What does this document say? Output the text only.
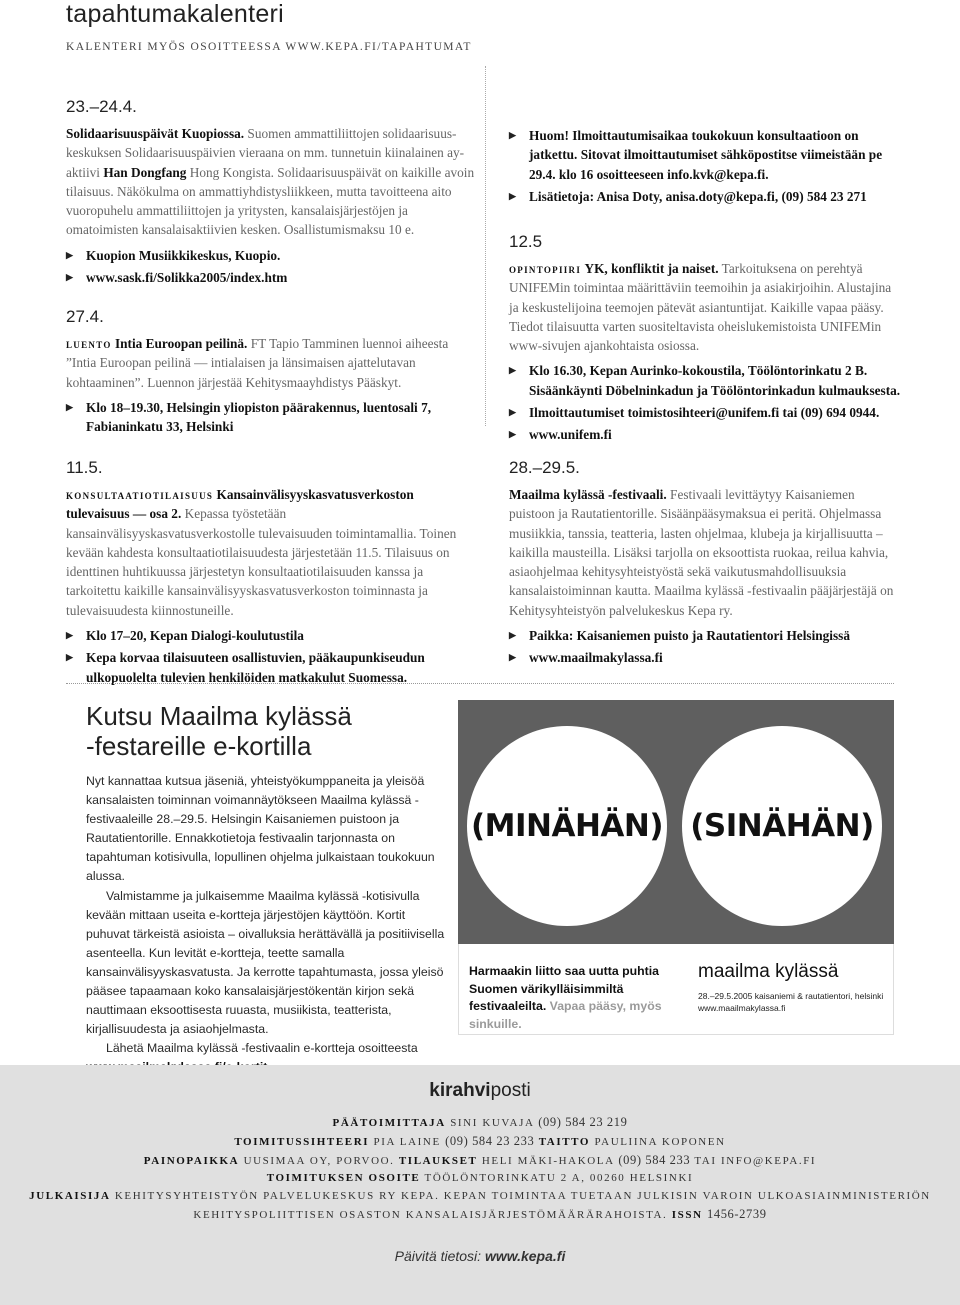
tapahtumakalenteri
KALENTERI MYÖS OSOITTEESSA WWW.KEPA.FI/TAPAHTUMAT
23.–24.4.
Solidaarisuuspäivät Kuopiossa. Suomen ammattiliittojen solidaarisuus-keskuksen Solidaarisuuspäivien vieraana on mm. tunnetuin kiinalainen ay-aktiivi Han Dongfang Hong Kongista. Solidaarisuuspäivät on kaikille avoin tilaisuus. Näkökulma on ammattiyhdistysliikkeen, mutta tavoitteena aito vuoropuhelu ammattiliittojen ja yritysten, kansalaisjärjestöjen ja omatoimisten kansalaisaktiivien kesken. Osallistumismaksu 10 e.
▶ Kuopion Musiikkikeskus, Kuopio.
▶ www.sask.fi/Solikka2005/index.htm
27.4.
luento Intia Euroopan peilinä. FT Tapio Tamminen luennoi aiheesta ”Intia Euroopan peilinä — intialaisen ja länsimaisen ajattelutavan kohtaaminen”. Luennon järjestää Kehitysmaayhdistys Pääskyt.
▶ Klo 18–19.30, Helsingin yliopiston päärakennus, luentosali 7, Fabianinkatu 33, Helsinki
11.5.
konsultaatiotilaisuus Kansainvälisyyskasvatusverkoston tulevaisuus — osa 2. Kepassa työstetään kansainvälisyyskasvatusverkostolle tulevaisuuden toimintamallia. Toinen kevään kahdesta konsultaatiotilaisuudesta järjestetään 11.5. Tilaisuus on identtinen huhtikuussa järjestetyn konsultaatiotilaisuuden kanssa ja tarkoitettu kaikille kansainvälisyyskasvatusverkoston toiminnasta ja tulevaisuudesta kiinnostuneille.
▶ Klo 17–20, Kepan Dialogi-koulutustila
▶ Kepa korvaa tilaisuuteen osallistuvien, pääkaupunkiseudun ulkopuolelta tulevien henkilöiden matkakulut Suomessa.
▶ Huom! Ilmoittautumisaikaa toukokuun konsultaatioon on jatkettu. Sitovat ilmoittautumiset sähköpostitse viimeistään pe 29.4. klo 16 osoitteeseen info.kvk@kepa.fi.
▶ Lisätietoja: Anisa Doty, anisa.doty@kepa.fi, (09) 584 23 271
12.5
opintopiiri YK, konfliktit ja naiset. Tarkoituksena on perehtyä UNIFEMin toimintaa määrittäviin teemoihin ja asiakirjoihin. Alustajina ja keskustelijoina teemojen pätevät asiantuntijat. Kaikille vapaa pääsy. Tiedot tilaisuutta varten suositeltavista oheislukemistoista UNIFEMin www-sivujen ajankohtaista osiossa.
▶ Klo 16.30, Kepan Aurinko-kokoustila, Töölöntorinkatu 2 B. Sisäänkäynti Döbelninkadun ja Töölöntorinkadun kulmauksesta.
▶ Ilmoittautumiset toimistosihteeri@unifem.fi tai (09) 694 0944.
▶ www.unifem.fi
28.–29.5.
Maailma kylässä -festivaali. Festivaali levittäytyy Kaisaniemen puistoon ja Rautatientorille. Sisäänpääsymaksua ei peritä. Ohjelmassa musiikkia, tanssia, teatteria, lasten ohjelmaa, klubeja ja kirjallisuutta – kaikilla mausteilla. Lisäksi tarjolla on eksoottista ruokaa, reilua kahvia, asiaohjelmaa kehitysyhteistyöstä sekä vaikutusmahdollisuuksia kansalaistoiminnan kautta. Maailma kylässä -festivaalin pääjärjestäjä on Kehitysyhteistyön palvelukeskus Kepa ry.
▶ Paikka: Kaisaniemen puisto ja Rautatientori Helsingissä
▶ www.maailmakylassa.fi
Kutsu Maailma kylässä
-festareille e-kortilla

Nyt kannattaa kutsua jäseniä, yhteistyökumppaneita ja yleisöä kansalaisten toiminnan voimannäytökseen Maailma kylässä -festivaaleille 28.–29.5. Helsingin Kaisaniemen puistoon ja Rautatientorille. Ennakkotietoja festivaalin tarjonnasta on tapahtuman kotisivulla, lopullinen ohjelma julkaistaan toukokuun alussa.

Valmistamme ja julkaisemme Maailma kylässä -kotisivulla kevään mittaan useita e-kortteja järjestöjen käyttöön. Kortit puhuvat tärkeistä asioista – oivalluksia herättävällä ja positiivisella asenteella. Kun levität e-kortteja, teette samalla kansainvälisyyskasvatusta. Ja kerrotte tapahtumasta, jossa yleisö pääsee tapaamaan koko kansalaisjärjestökentän kirjon sekä nauttimaan eksoottisesta ruuasta, musiikista, teatterista, kirjallisuudesta ja asiaohjelmasta.

Lähetä Maailma kylässä -festivaalin e-kortteja osoitteesta

(MINÄHÄN) (SINÄHÄN)
Harmaakin liitto saa uutta puhtia Suomen värikylläisimmiltä festivaaleilta. Vapaa pääsy, myös sinkuille.
maailma kylässä
28.–29.5.2005 kaisaniemi & rautatientori, helsinki
www.maailmakylassa.fi
kirahviposti
PÄÄTOIMITTAJA SINI KUVAJA (09) 584 23 219
TOIMITUSSIHTEERI PIA LAINE (09) 584 23 233 TAITTO PAULIINA KOPONEN
PAINOPAIKKA UUSIMAA OY, PORVOO. TILAUKSET HELI MÄKI-HAKOLA (09) 584 233 TAI INFO@KEPA.FI
TOIMITUKSEN OSOITE TÖÖLÖNTORINKATU 2 A, 00260 HELSINKI
JULKAISIJA KEHITYSYHTEISTYÖN PALVELUKESKUS RY KEPA. KEPAN TOIMINTAA TUETAAN JULKISIN VAROIN ULKOASIAINMINISTERIÖN
KEHITYSPOLIITTISEN OSASTON KANSALAISJÄRJESTÖMÄÄRÄRAHOISTA. ISSN 1456-2739
Päivitä tietosi: www.kepa.fi
